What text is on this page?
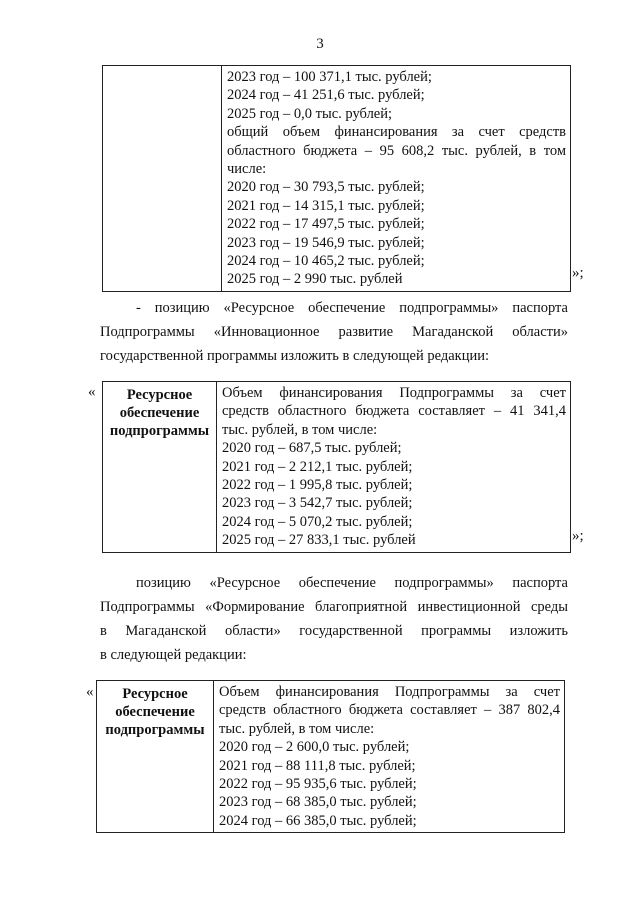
3

2023 год – 100 371,1 тыс. рублей;
2024 год – 41 251,6 тыс. рублей;
2025 год – 0,0 тыс. рублей;
общий объем финансирования за счет средств
областного бюджета – 95 608,2 тыс. рублей, в том
числе:
2020 год – 30 793,5 тыс. рублей;
2021 год – 14 315,1 тыс. рублей;
2022 год – 17 497,5 тыс. рублей;
2023 год – 19 546,9 тыс. рублей;
2024 год – 10 465,2 тыс. рублей;
2025 год – 2 990 тыс. рублей	»;
- позицию «Ресурсное обеспечение подпрограммы» паспорта
Подпрограммы «Инновационное развитие Магаданской области»
государственной программы изложить в следующей редакции:
«	Ресурсное
обеспечение
подпрограммы

Объем финансирования Подпрограммы за счет
средств областного бюджета составляет – 41 341,4
тыс. рублей, в том числе:
2020 год – 687,5 тыс. рублей;
2021 год – 2 212,1 тыс. рублей;
2022 год – 1 995,8 тыс. рублей;
2023 год – 3 542,7 тыс. рублей;
2024 год – 5 070,2 тыс. рублей;
2025 год – 27 833,1 тыс. рублей	»;
позицию «Ресурсное обеспечение подпрограммы» паспорта
Подпрограммы «Формирование благоприятной инвестиционной среды
в Магаданской области» государственной программы изложить
в следующей редакции:
«	Ресурсное
обеспечение
подпрограммы

Объем финансирования Подпрограммы за счет
средств областного бюджета составляет – 387 802,4
тыс. рублей, в том числе:
2020 год – 2 600,0 тыс. рублей;
2021 год – 88 111,8 тыс. рублей;
2022 год – 95 935,6 тыс. рублей;
2023 год – 68 385,0 тыс. рублей;
2024 год – 66 385,0 тыс. рублей;
